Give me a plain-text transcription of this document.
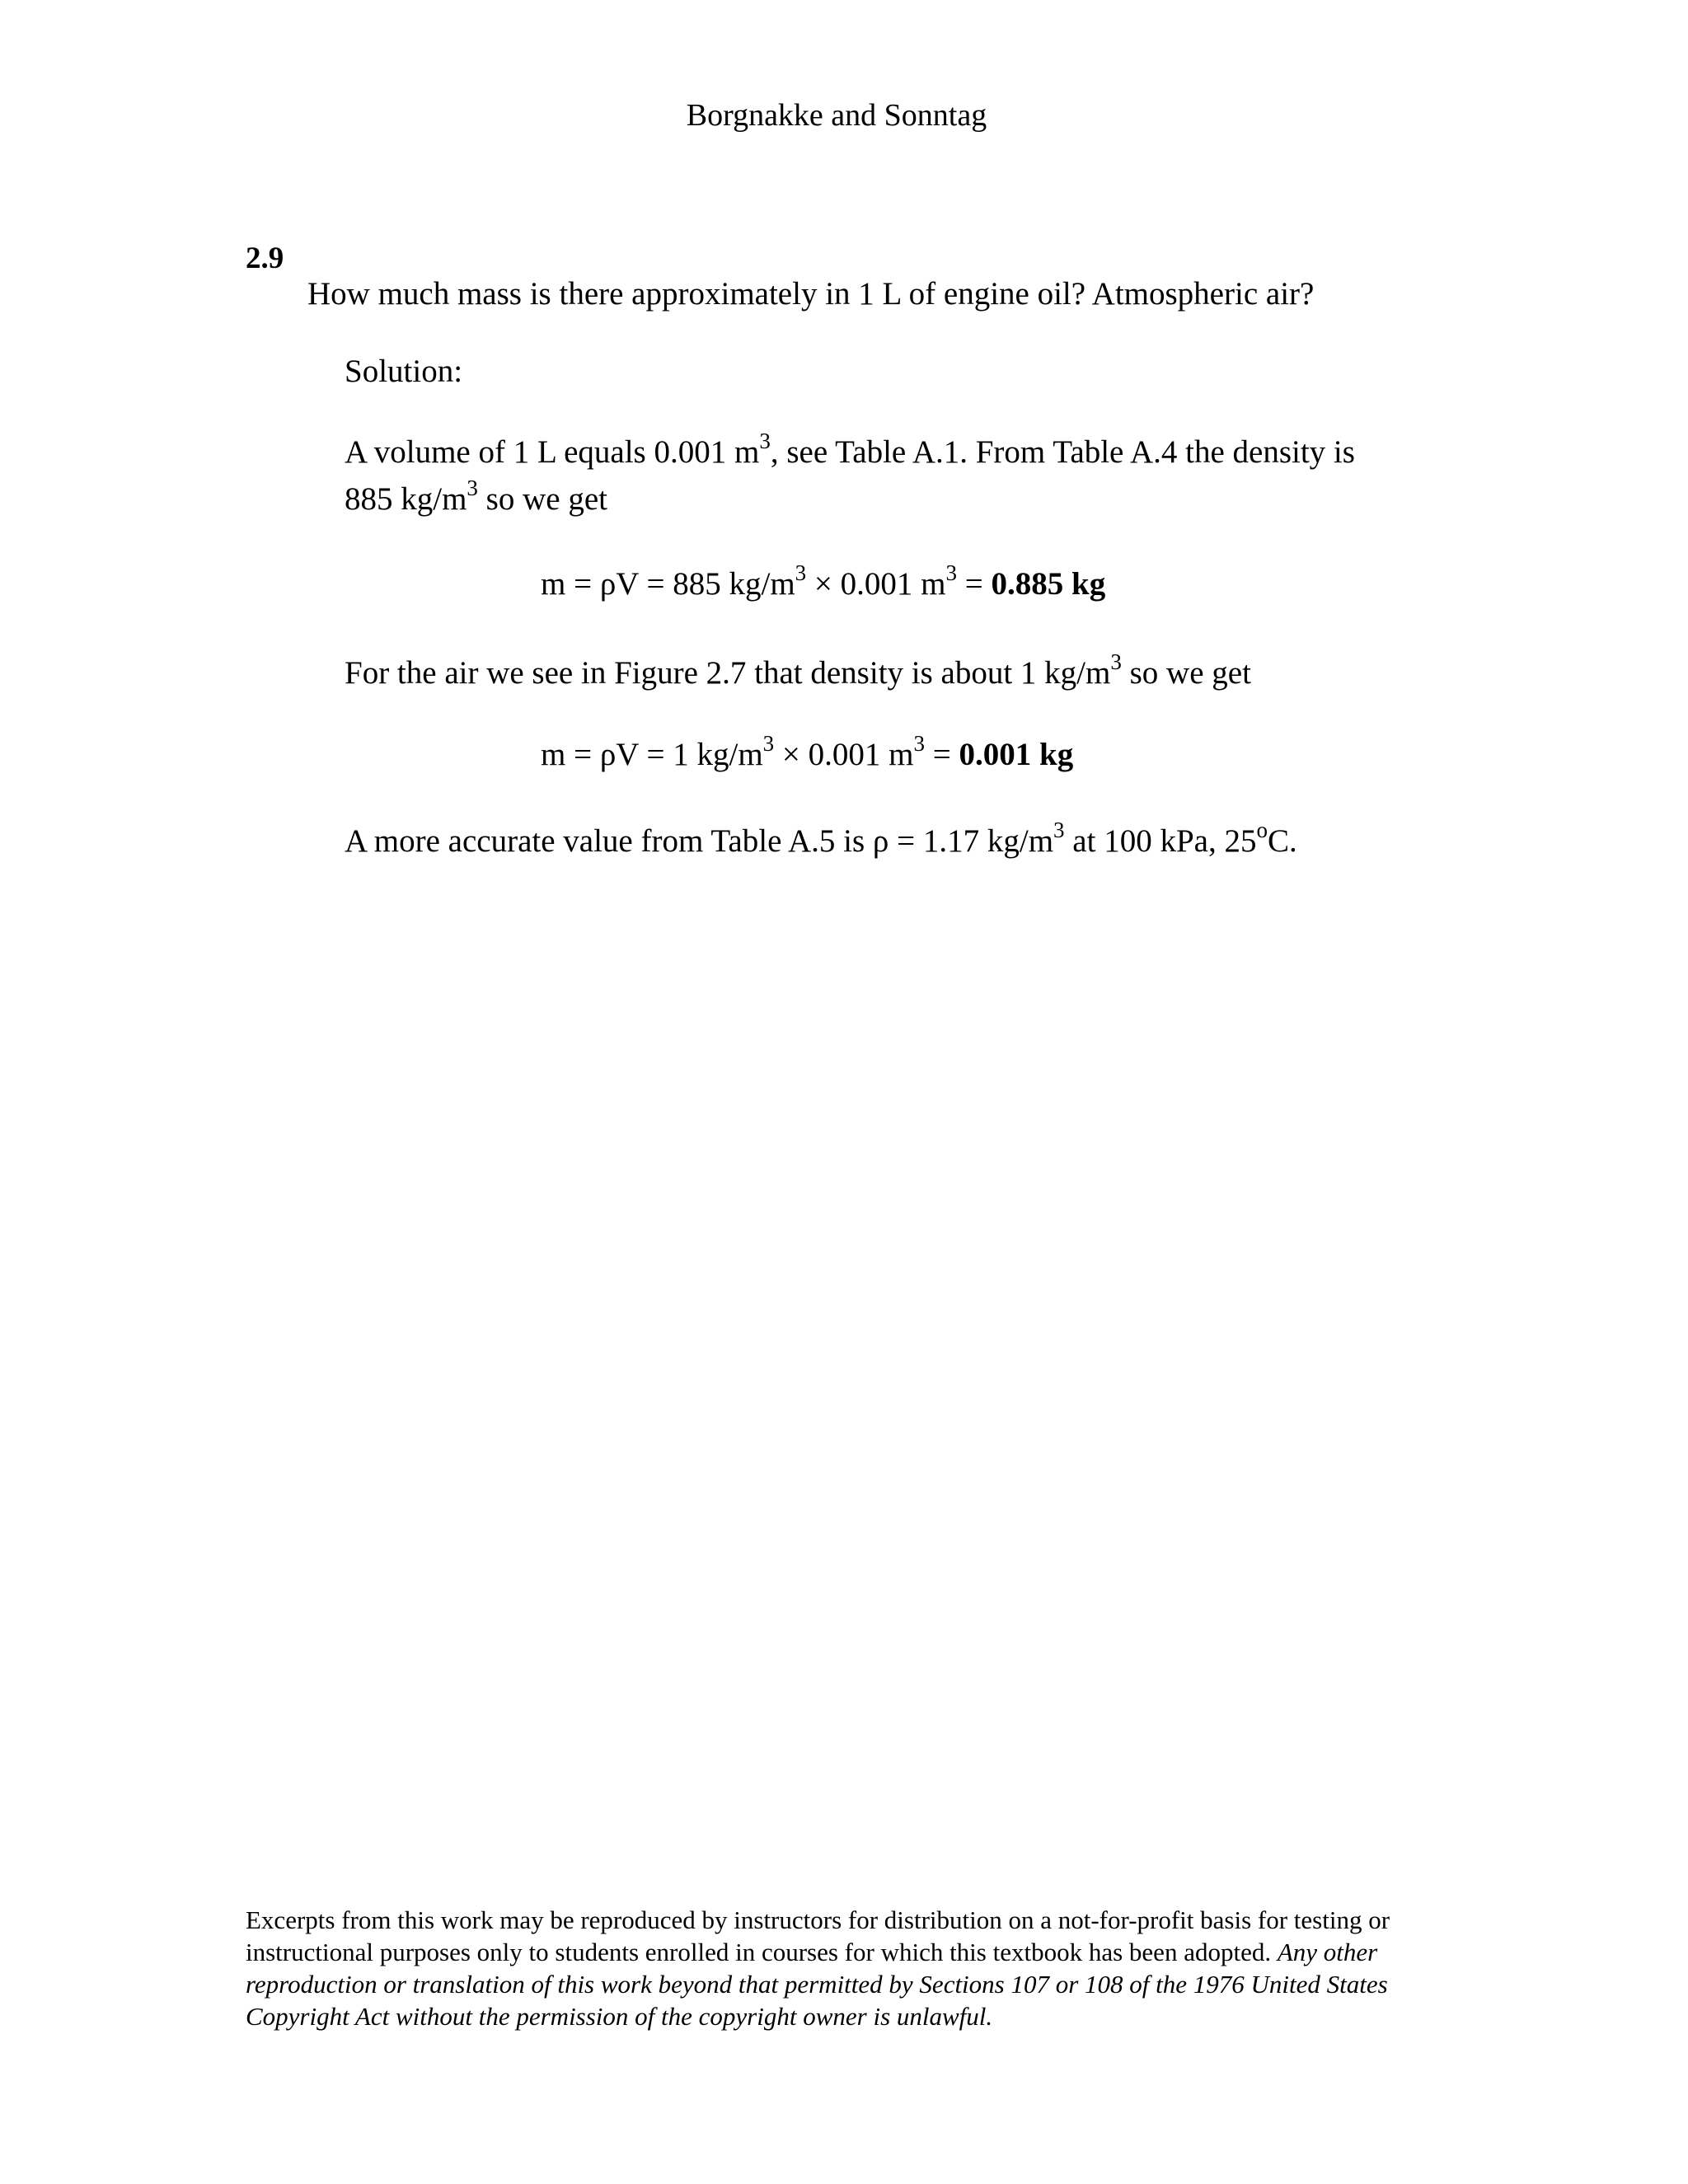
Borgnakke and Sonntag
2.9
How much mass is there approximately in 1 L of engine oil? Atmospheric air?
Solution:
A volume of 1 L equals 0.001 $m^3$, see Table A.1. From Table A.4 the density is
885 $kg/m^3$ so we get
m = ρV = 885 $kg/m^3 \times 0.001$ $m^3 = 0.885$ kg
For the air we see in Figure 2.7 that density is about 1 $kg/m^3$ so we get
m = ρV = 1 $kg/m^3 \times 0.001$ $m^3 = 0.001$ kg
A more accurate value from Table A.5 is ρ = 1.17 $kg/m^3$ at 100 kPa, 25$^o$C.
Excerpts from this work may be reproduced by instructors for distribution on a not-for-profit basis for testing or instructional purposes only to students enrolled in courses for which this textbook has been adopted. Any other reproduction or translation of this work beyond that permitted by Sections 107 or 108 of the 1976 United States Copyright Act without the permission of the copyright owner is unlawful.
